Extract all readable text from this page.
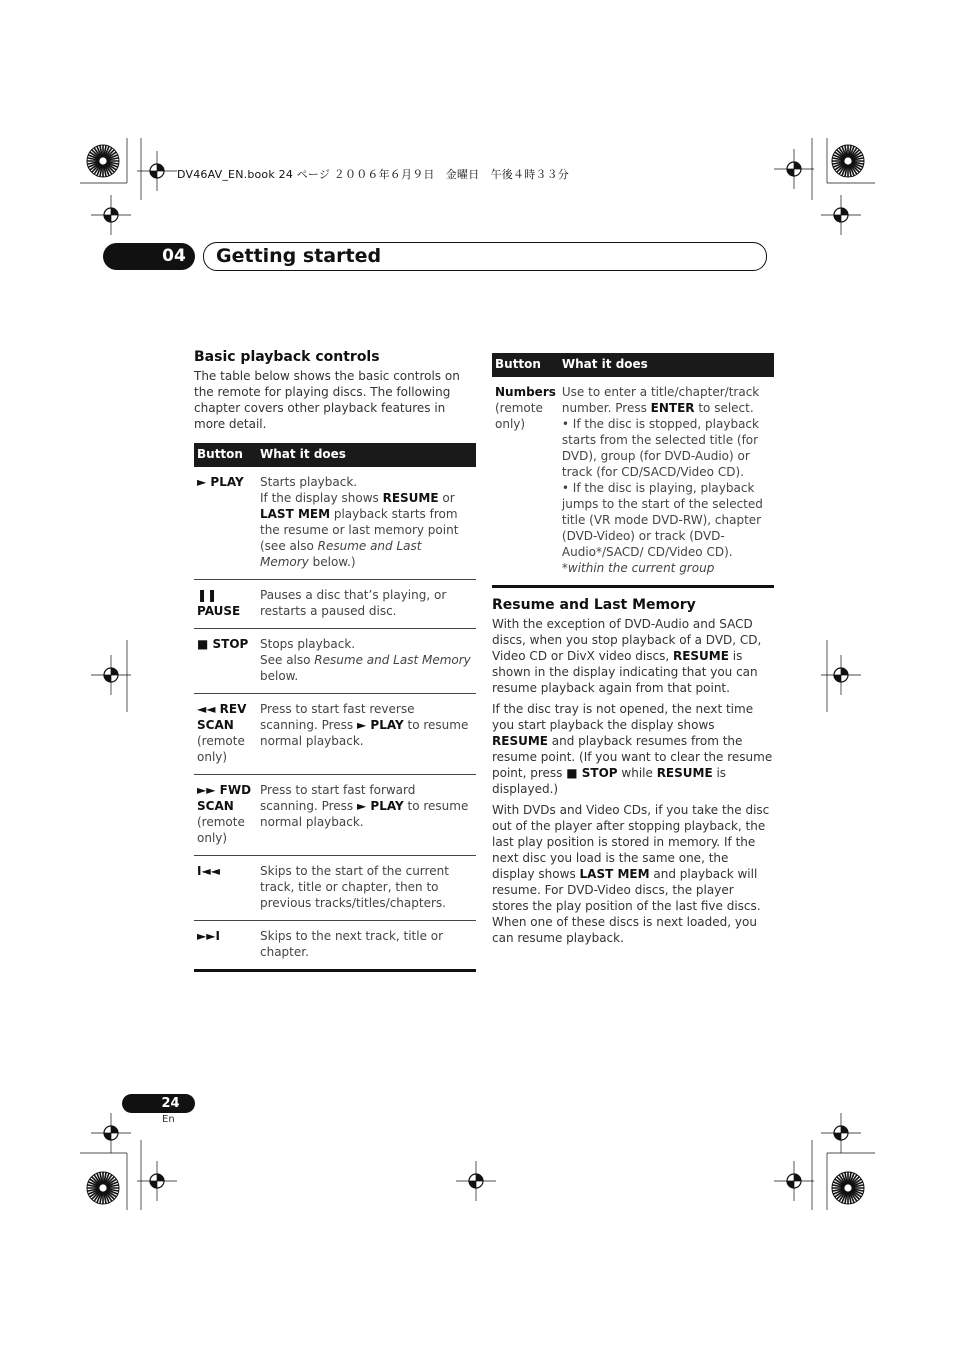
DV46AV_EN.book 24 ページ ２００６年６月９日　金曜日　午後４時３３分
04	Getting started
Basic playback controls

The table below shows the basic controls on the remote for playing discs. The following chapter covers other playback features in more detail.

Button	What it does
► PLAY	Starts playback.
If the display shows RESUME or LAST MEM playback starts from the resume or last memory point (see also Resume and Last Memory below.)
❚❚ PAUSE	Pauses a disc that’s playing, or restarts a paused disc.
■ STOP	Stops playback.
See also Resume and Last Memory below.
◄◄ REV SCAN
(remote only)	Press to start fast reverse scanning. Press ► PLAY to resume normal playback.
►► FWD SCAN
(remote only)	Press to start fast forward scanning. Press ► PLAY to resume normal playback.
I◄◄	Skips to the start of the current track, title or chapter, then to previous tracks/titles/chapters.
►►I	Skips to the next track, title or chapter.
Button	What it does
Numbers
(remote only)	Use to enter a title/chapter/track number. Press ENTER to select.
• If the disc is stopped, playback starts from the selected title (for DVD), group (for DVD-Audio) or track (for CD/SACD/Video CD).
• If the disc is playing, playback jumps to the start of the selected title (VR mode DVD-RW), chapter (DVD-Video) or track (DVD-Audio*/SACD/ CD/Video CD).
*within the current group
Resume and Last Memory

With the exception of DVD-Audio and SACD discs, when you stop playback of a DVD, CD, Video CD or DivX video discs, RESUME is shown in the display indicating that you can resume playback again from that point.

If the disc tray is not opened, the next time you start playback the display shows RESUME and playback resumes from the resume point. (If you want to clear the resume point, press ■ STOP while RESUME is displayed.)

With DVDs and Video CDs, if you take the disc out of the player after stopping playback, the last play position is stored in memory. If the next disc you load is the same one, the display shows LAST MEM and playback will resume. For DVD-Video discs, the player stores the play position of the last five discs. When one of these discs is next loaded, you can resume playback.

24
En
